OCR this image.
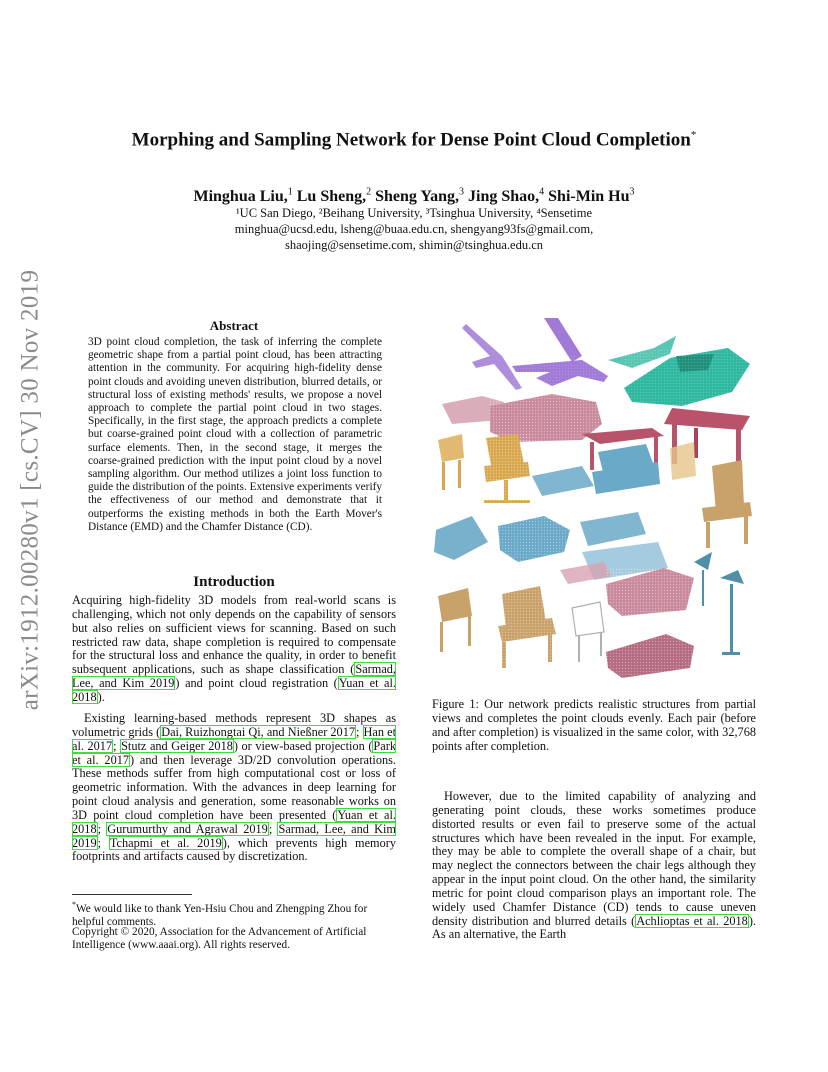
arXiv:1912.00280v1 [cs.CV] 30 Nov 2019
Morphing and Sampling Network for Dense Point Cloud Completion*
Minghua Liu,$^1$ Lu Sheng,$^2$ Sheng Yang,$^3$ Jing Shao,$^4$ Shi-Min Hu$^3$
¹UC San Diego, ²Beihang University, ³Tsinghua University, ⁴Sensetime
minghua@ucsd.edu, lsheng@buaa.edu.cn, shengyang93fs@gmail.com,
shaojing@sensetime.com, shimin@tsinghua.edu.cn
Abstract
3D point cloud completion, the task of inferring the complete geometric shape from a partial point cloud, has been attracting attention in the community. For acquiring high-fidelity dense point clouds and avoiding uneven distribution, blurred details, or structural loss of existing methods' results, we propose a novel approach to complete the partial point cloud in two stages. Specifically, in the first stage, the approach predicts a complete but coarse-grained point cloud with a collection of parametric surface elements. Then, in the second stage, it merges the coarse-grained prediction with the input point cloud by a novel sampling algorithm. Our method utilizes a joint loss function to guide the distribution of the points. Extensive experiments verify the effectiveness of our method and demonstrate that it outperforms the existing methods in both the Earth Mover's Distance (EMD) and the Chamfer Distance (CD).
Introduction
Acquiring high-fidelity 3D models from real-world scans is challenging, which not only depends on the capability of sensors but also relies on sufficient views for scanning. Based on such restricted raw data, shape completion is required to compensate for the structural loss and enhance the quality, in order to benefit subsequent applications, such as shape classification (Sarmad, Lee, and Kim 2019) and point cloud registration (Yuan et al. 2018).
Existing learning-based methods represent 3D shapes as volumetric grids (Dai, Ruizhongtai Qi, and Nießner 2017; Han et al. 2017; Stutz and Geiger 2018) or view-based projection (Park et al. 2017) and then leverage 3D/2D convolution operations. These methods suffer from high computational cost or loss of geometric information. With the advances in deep learning for point cloud analysis and generation, some reasonable works on 3D point cloud completion have been presented (Yuan et al. 2018; Gurumurthy and Agrawal 2019; Sarmad, Lee, and Kim 2019; Tchapmi et al. 2019), which prevents high memory footprints and artifacts caused by discretization.
*We would like to thank Yen-Hsiu Chou and Zhengping Zhou for helpful comments.
Copyright © 2020, Association for the Advancement of Artificial Intelligence (www.aaai.org). All rights reserved.
Figure 1: Our network predicts realistic structures from partial views and completes the point clouds evenly. Each pair (before and after completion) is visualized in the same color, with 32,768 points after completion.
However, due to the limited capability of analyzing and generating point clouds, these works sometimes produce distorted results or even fail to preserve some of the actual structures which have been revealed in the input. For example, they may be able to complete the overall shape of a chair, but may neglect the connectors between the chair legs although they appear in the input point cloud. On the other hand, the similarity metric for point cloud comparison plays an important role. The widely used Chamfer Distance (CD) tends to cause uneven density distribution and blurred details (Achlioptas et al. 2018). As an alternative, the Earth
